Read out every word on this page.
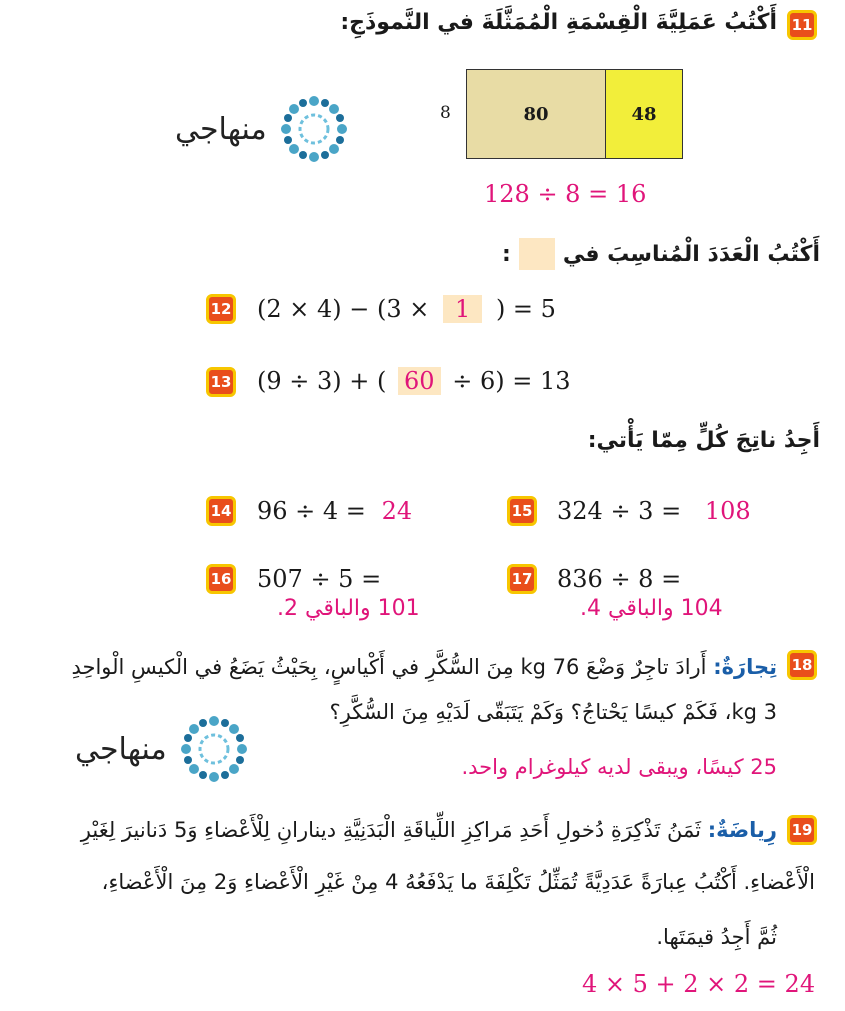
11
أَكْتُبُ عَمَلِيَّةَ الْقِسْمَةِ الْمُمَثَّلَةَ في النَّموذَجِ:
منهاجي	8	80	48
128 ÷ 8 = 16
أَكْتُبُ الْعَدَدَ الْمُناسِبَ في
:
12 (2 × 4) − (3 × 1 ) = 5
13 (9 ÷ 3) + ( 60 ÷ 6) = 13
أَجِدُ ناتِجَ كُلٍّ مِمّا يَأْتي:
14 96 ÷ 4 = 24	15 324 ÷ 3 = 108
16 507 ÷ 5 =
101 والباقي 2.
17 836 ÷ 8 =
104 والباقي 4.
18
تِجارَةٌ: أَرادَ تاجِرٌ وَضْعَ 76 kg مِنَ السُّكَّرِ في أَكْياسٍ، بِحَيْثُ يَضَعُ في الْكيسِ الْواحِدِ
3 kg، فَكَمْ كيسًا يَحْتاجُ؟ وَكَمْ يَتَبَقّى لَدَيْهِ مِنَ السُّكَّرِ؟
منهاجي
25 كيسًا، ويبقى لديه كيلوغرام واحد.
19
رِياضَةٌ: ثَمَنُ تَذْكِرَةِ دُخولِ أَحَدِ مَراكِزِ اللِّياقَةِ الْبَدَنِيَّةِ دينارانِ لِلْأَعْضاءِ وَ5 دَنانيرَ لِغَيْرِ
الْأَعْضاءِ. أَكْتُبُ عِبارَةً عَدَدِيَّةً تُمَثِّلُ تَكْلِفَةَ ما يَدْفَعُهُ 4 مِنْ غَيْرِ الْأَعْضاءِ وَ2 مِنَ الْأَعْضاءِ،
ثُمَّ أَجِدُ قيمَتَها.
4 × 5 + 2 × 2 = 24
